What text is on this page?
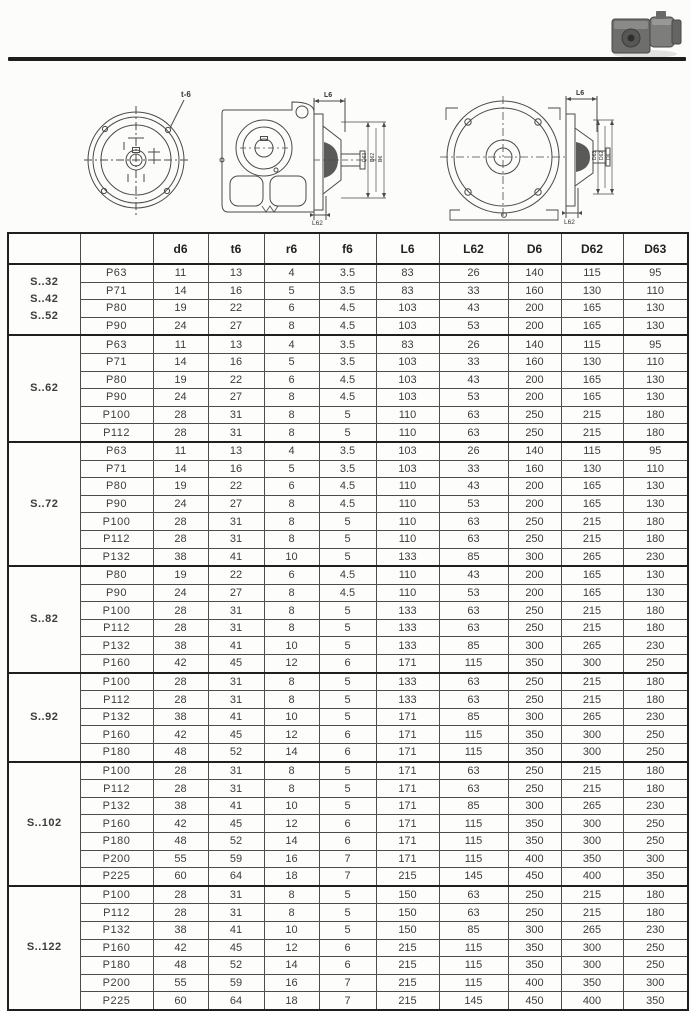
t-6	L6
L62
D63 D62 D6
L6
L62
D63 D62 D6
		d6	t6	r6	f6	L6	L62	D6	D62	D63

S..32
S..42
S..52	P63	11	13	4	3.5	83	26	140	115	95
	P71	14	16	5	3.5	83	33	160	130	110
	P80	19	22	6	4.5	103	43	200	165	130
	P90	24	27	8	4.5	103	53	200	165	130

S..62	P63	11	13	4	3.5	83	26	140	115	95
	P71	14	16	5	3.5	103	33	160	130	110
	P80	19	22	6	4.5	103	43	200	165	130
	P90	24	27	8	4.5	103	53	200	165	130
	P100	28	31	8	5	110	63	250	215	180
	P112	28	31	8	5	110	63	250	215	180

S..72	P63	11	13	4	3.5	103	26	140	115	95
	P71	14	16	5	3.5	103	33	160	130	110
	P80	19	22	6	4.5	110	43	200	165	130
	P90	24	27	8	4.5	110	53	200	165	130
	P100	28	31	8	5	110	63	250	215	180
	P112	28	31	8	5	110	63	250	215	180
	P132	38	41	10	5	133	85	300	265	230

S..82	P80	19	22	6	4.5	110	43	200	165	130
	P90	24	27	8	4.5	110	53	200	165	130
	P100	28	31	8	5	133	63	250	215	180
	P112	28	31	8	5	133	63	250	215	180
	P132	38	41	10	5	133	85	300	265	230
	P160	42	45	12	6	171	115	350	300	250

S..92	P100	28	31	8	5	133	63	250	215	180
	P112	28	31	8	5	133	63	250	215	180
	P132	38	41	10	5	171	85	300	265	230
	P160	42	45	12	6	171	115	350	300	250
	P180	48	52	14	6	171	115	350	300	250

S..102	P100	28	31	8	5	171	63	250	215	180
	P112	28	31	8	5	171	63	250	215	180
	P132	38	41	10	5	171	85	300	265	230
	P160	42	45	12	6	171	115	350	300	250
	P180	48	52	14	6	171	115	350	300	250
	P200	55	59	16	7	171	115	400	350	300
	P225	60	64	18	7	215	145	450	400	350

S..122	P100	28	31	8	5	150	63	250	215	180
	P112	28	31	8	5	150	63	250	215	180
	P132	38	41	10	5	150	85	300	265	230
	P160	42	45	12	6	215	115	350	300	250
	P180	48	52	14	6	215	115	350	300	250
	P200	55	59	16	7	215	115	400	350	300
	P225	60	64	18	7	215	145	450	400	350
